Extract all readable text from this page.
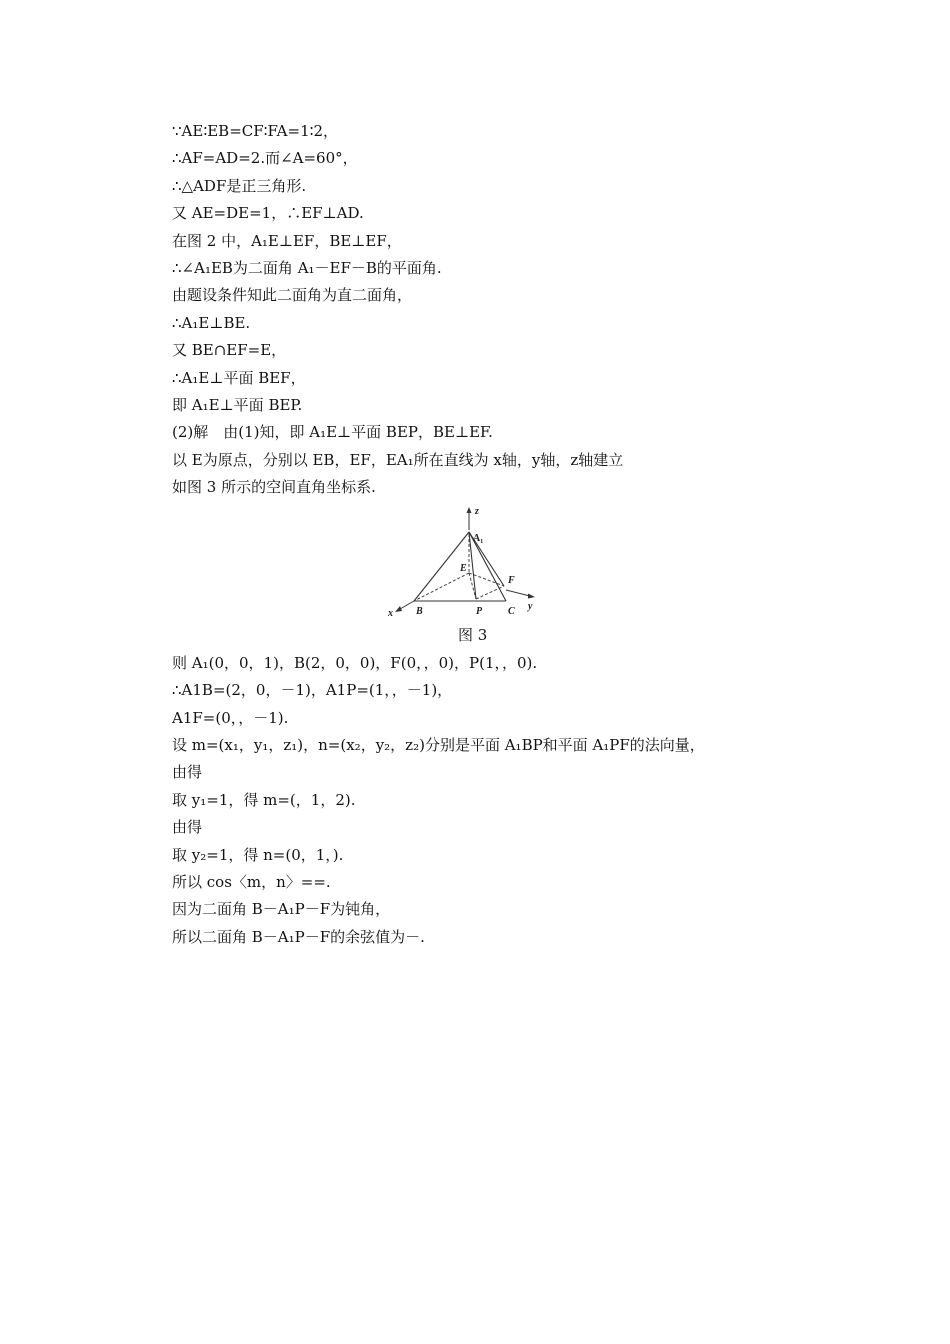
∵AE∶EB=CF∶FA=1∶2，
∴AF=AD=2.而∠A=60°，
∴△ADF是正三角形.
又 AE=DE=1，∴EF⊥AD.
在图 2 中，A₁E⊥EF，BE⊥EF，
∴∠A₁EB为二面角 A₁－EF－B的平面角.
由题设条件知此二面角为直二面角，
∴A₁E⊥BE.
又 BE∩EF=E，
∴A₁E⊥平面 BEF，
即 A₁E⊥平面 BEP.
(2)解　由(1)知，即 A₁E⊥平面 BEP，BE⊥EF.
以 E为原点，分别以 EB，EF，EA₁所在直线为 x轴，y轴，z轴建立
如图 3 所示的空间直角坐标系.
z
y
x
A₁
E
F
B	P	C
图 3
则 A₁(0，0，1)，B(2，0，0)，F(0，，0)，P(1，，0).
∴A1B=(2，0，－1)，A1P=(1，，－1)，
A1F=(0，，－1).
设 m=(x₁，y₁，z₁)，n=(x₂，y₂，z₂)分别是平面 A₁BP和平面 A₁PF的法向量，
由得
取 y₁=1，得 m=(，1，2).
由得
取 y₂=1，得 n=(0，1，).
所以 cos〈m，n〉==.
因为二面角 B－A₁P－F为钝角，
所以二面角 B－A₁P－F的余弦值为－.
